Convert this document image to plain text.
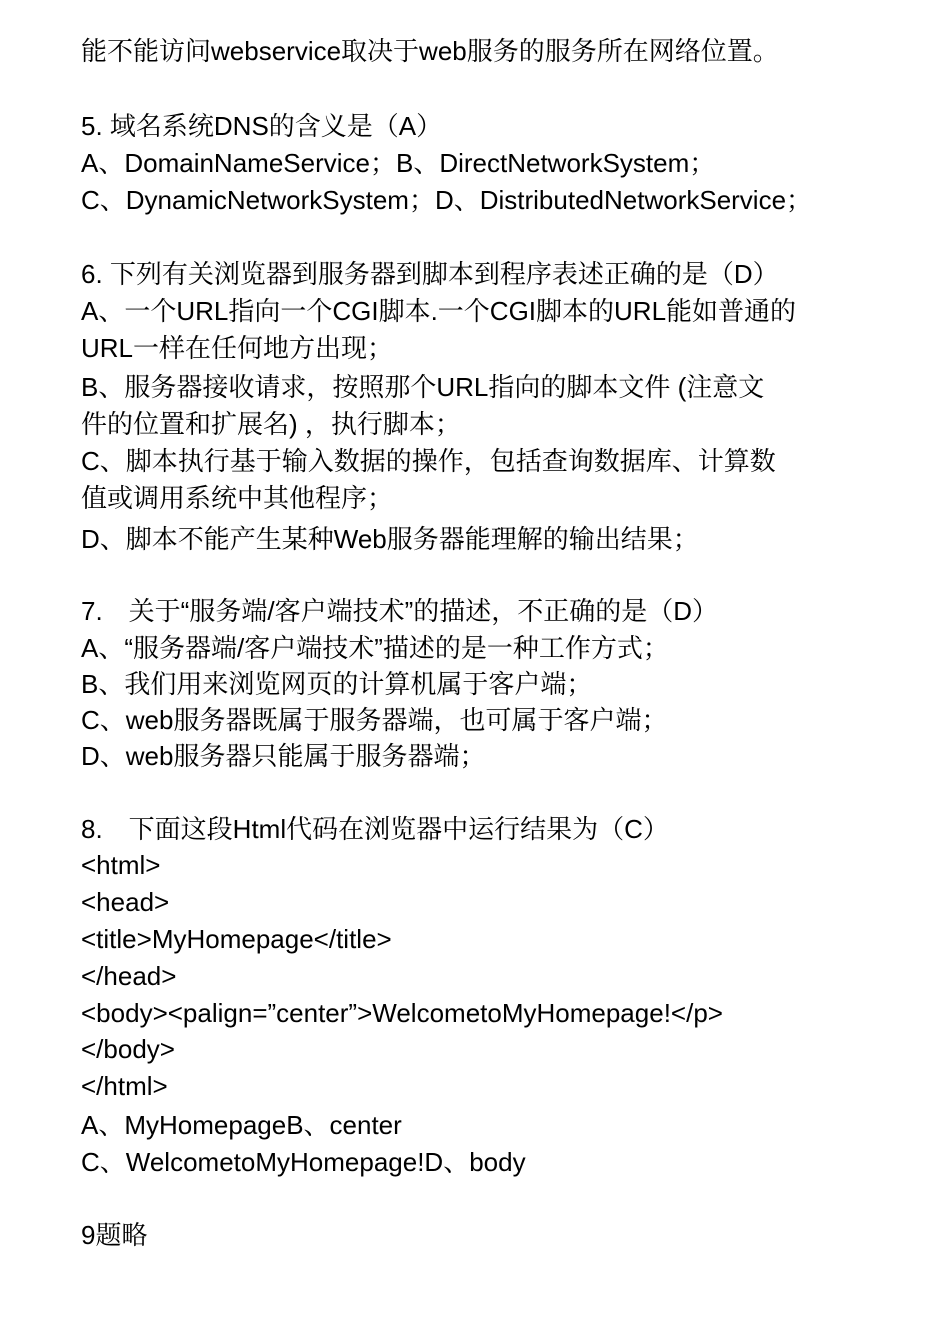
能不能访问webservice取决于web服务的服务所在网络位置。
5. 域名系统DNS的含义是（A）
A、DomainNameService；B、DirectNetworkSystem；
C、DynamicNetworkSystem；D、DistributedNetworkService；
6. 下列有关浏览器到服务器到脚本到程序表述正确的是（D）
A、一个URL指向一个CGI脚本.一个CGI脚本的URL能如普通的
URL一样在任何地方出现；
B、服务器接收请求，按照那个URL指向的脚本文件 (注意文
件的位置和扩展名) ，执行脚本；
C、脚本执行基于输入数据的操作，包括查询数据库、计算数
值或调用系统中其他程序；
D、脚本不能产生某种Web服务器能理解的输出结果；
7.　关于“服务端/客户端技术”的描述，不正确的是（D）
A、“服务器端/客户端技术”描述的是一种工作方式；
B、我们用来浏览网页的计算机属于客户端；
C、web服务器既属于服务器端，也可属于客户端；
D、web服务器只能属于服务器端；
8.　下面这段Html代码在浏览器中运行结果为（C）
<html>
<head>
<title>MyHomepage</title>
</head>
<body><palign=”center”>WelcometoMyHomepage!</p>
</body>
</html>
A、MyHomepageB、center
C、WelcometoMyHomepage!D、body
9题略
